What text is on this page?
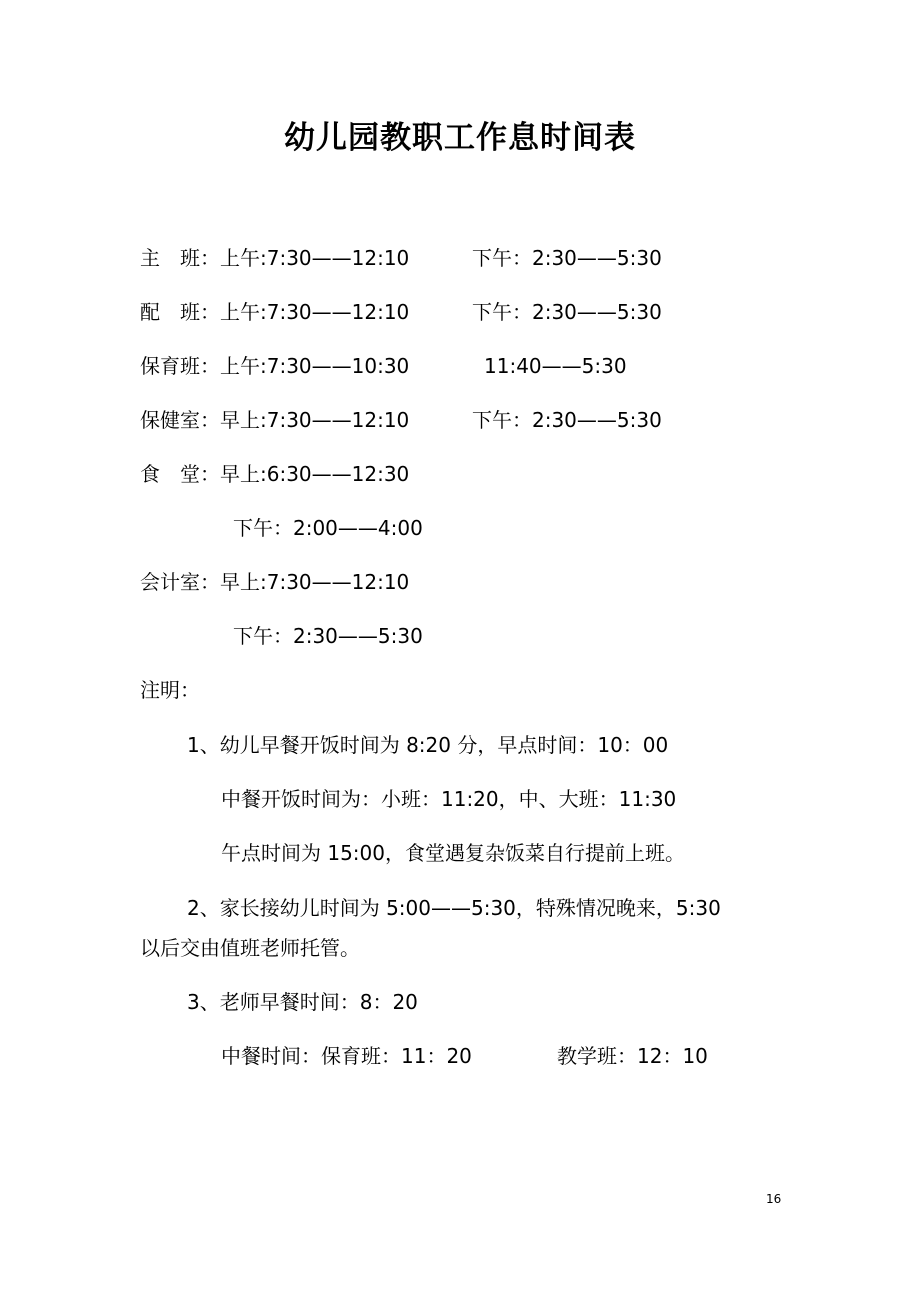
幼儿园教职工作息时间表
主　班：上午:7:30——12:10	下午：2:30——5:30
配　班：上午:7:30——12:10	下午：2:30——5:30
保育班：上午:7:30——10:30	11:40——5:30
保健室：早上:7:30——12:10	下午：2:30——5:30
食　堂：早上:6:30——12:30
下午：2:00——4:00
会计室：早上:7:30——12:10
下午：2:30——5:30
注明：
1、幼儿早餐开饭时间为 8:20 分，早点时间：10：00
中餐开饭时间为：小班：11:20，中、大班：11:30
午点时间为 15:00，食堂遇复杂饭菜自行提前上班。
2、家长接幼儿时间为 5:00——5:30，特殊情况晚来，5:30
以后交由值班老师托管。
3、老师早餐时间：8：20
中餐时间：保育班：11：20	教学班：12：10
16
